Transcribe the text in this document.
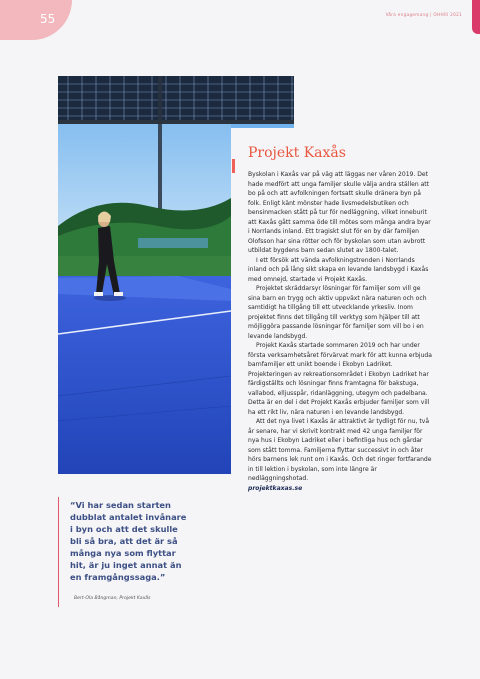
55	Våra engagemang | OHHIII 2021
Projekt Kaxås

Byskolan i Kaxås var på väg att läggas ner våren 2019. Det hade medfört att unga familjer skulle välja andra ställen att bo på och att avfolkningen fortsatt skulle dränera byn på folk. Enligt känt mönster hade livsmedelsbutiken och bensinmacken stått på tur för nedläggning, vilket inneburit att Kaxås gått samma öde till mötes som många andra byar i Norrlands inland. Ett tragiskt slut för en by där familjen Olofsson har sina rötter och för byskolan som utan avbrott utbildat bygdens barn sedan slutet av 1800-talet.

I ett försök att vända avfolkningstrenden i Norrlands inland och på lång sikt skapa en levande landsbygd i Kaxås med omnejd, startade vi Projekt Kaxås.

Projektet skräddarsyr lösningar för familjer som vill ge sina barn en trygg och aktiv uppväxt nära naturen och och samtidigt ha tillgång till ett utvecklande yrkesliv. Inom projektet finns det tillgång till verktyg som hjälper till att möjliggöra passande lösningar för familjer som vill bo i en levande landsbygd.

Projekt Kaxås startade sommaren 2019 och har under första verksamhetsåret förvärvat mark för att kunna erbjuda barnfamiljer ett unikt boende i Ekobyn Ladriket. Projekteringen av rekreationsområdet i Ekobyn Ladriket har färdigställts och lösningar finns framtagna för bakstuga, vallabod, elljusspår, ridanläggning, utegym och padelbana. Detta är en del i det Projekt Kaxås erbjuder familjer som vill ha ett rikt liv, nära naturen i en levande landsbygd.

Att det nya livet i Kaxås är attraktivt är tydligt för nu, två år senare, har vi skrivit kontrakt med 42 unga familjer för nya hus i Ekobyn Ladriket eller i befintliga hus och gårdar som stått tomma. Familjerna flyttar successivt in och åter hörs barnens lek runt om i Kaxås. Och det ringer fortfarande in till lektion i byskolan, som inte längre är nedläggningshotad.

projektkaxas.se

“Vi har sedan starten dubblat antalet invånare i byn och att det skulle bli så bra, att det är så många nya som flyttar hit, är ju inget annat än en framgångssaga.”
Bert-Ola Bångman, Projekt Kaxås
